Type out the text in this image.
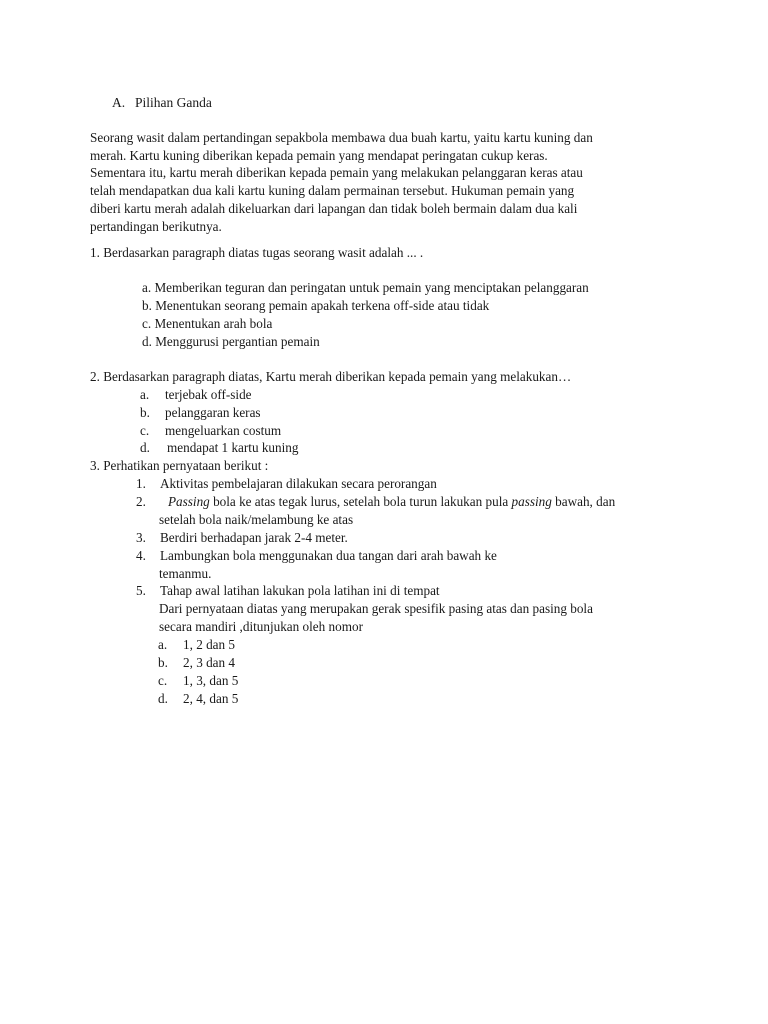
A. Pilihan Ganda
Seorang wasit dalam pertandingan sepakbola membawa dua buah kartu, yaitu kartu kuning dan
merah. Kartu kuning diberikan kepada pemain yang mendapat peringatan cukup keras.
Sementara itu, kartu merah diberikan kepada pemain yang melakukan pelanggaran keras atau
telah mendapatkan dua kali kartu kuning dalam permainan tersebut. Hukuman pemain yang
diberi kartu merah adalah dikeluarkan dari lapangan dan tidak boleh bermain dalam dua kali
pertandingan berikutnya.
1. Berdasarkan paragraph diatas tugas seorang wasit adalah ... .
a. Memberikan teguran dan peringatan untuk pemain yang menciptakan pelanggaran
b. Menentukan seorang pemain apakah terkena off-side atau tidak
c. Menentukan arah bola
d. Menggurusi pergantian pemain
2. Berdasarkan paragraph diatas, Kartu merah diberikan kepada pemain yang melakukan…
a. terjebak off-side
b. pelanggaran keras
c. mengeluarkan costum
d. mendapat 1 kartu kuning
3. Perhatikan pernyataan berikut :
1. Aktivitas pembelajaran dilakukan secara perorangan
2. Passing bola ke atas tegak lurus, setelah bola turun lakukan pula passing bawah, dan
setelah bola naik/melambung ke atas
3. Berdiri berhadapan jarak 2-4 meter.
4. Lambungkan bola menggunakan dua tangan dari arah bawah ke
temanmu.
5. Tahap awal latihan lakukan pola latihan ini di tempat
Dari pernyataan diatas yang merupakan gerak spesifik pasing atas dan pasing bola
secara mandiri ,ditunjukan oleh nomor
a. 1, 2 dan 5
b. 2, 3 dan 4
c. 1, 3, dan 5
d. 2, 4, dan 5
